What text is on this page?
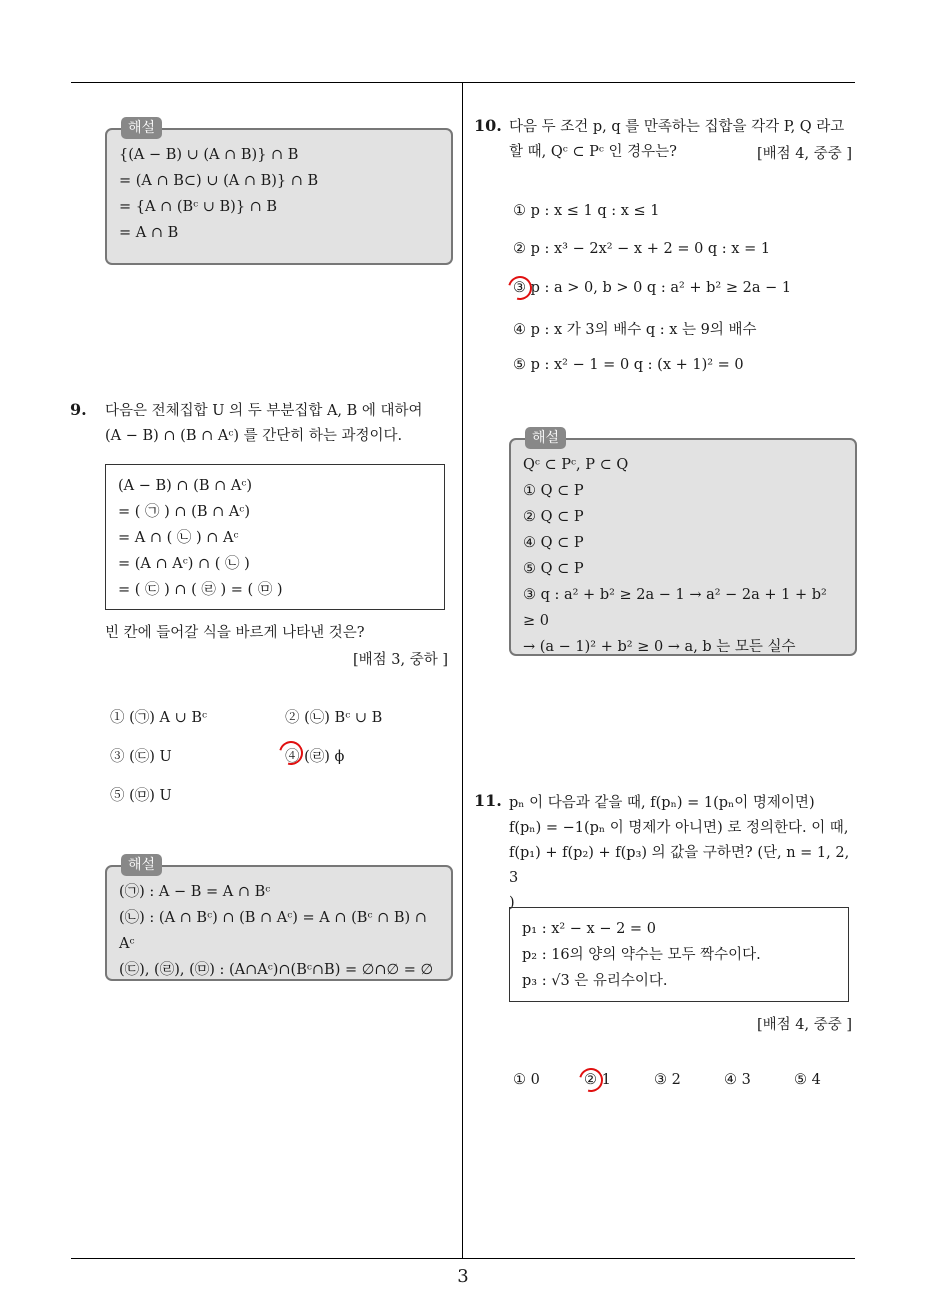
해설
{(A − B) ∪ (A ∩ B)} ∩ B
= (A ∩ B⊂) ∪ (A ∩ B)} ∩ B
= {A ∩ (Bᶜ ∪ B)} ∩ B
= A ∩ B
9. 다음은 전체집합 U 의 두 부분집합 A, B 에 대하여
(A − B) ∩ (B ∩ Aᶜ) 를 간단히 하는 과정이다.
(A − B) ∩ (B ∩ Aᶜ)
= ( ㉠ ) ∩ (B ∩ Aᶜ)
= A ∩ ( ㉡ ) ∩ Aᶜ
= (A ∩ Aᶜ) ∩ ( ㉡ )
= ( ㉢ ) ∩ ( ㉣ ) = ( ㉤ )
빈 칸에 들어갈 식을 바르게 나타낸 것은?
[배점 3, 중하 ]
① (㉠) A ∪ Bᶜ	② (㉡) Bᶜ ∪ B
③ (㉢) U	④ (㉣) ϕ
⑤ (㉤) U
해설
(㉠) : A − B = A ∩ Bᶜ
(㉡) : (A ∩ Bᶜ) ∩ (B ∩ Aᶜ) = A ∩ (Bᶜ ∩ B) ∩ Aᶜ
(㉢), (㉣), (㉤) : (A∩Aᶜ)∩(Bᶜ∩B) = ∅∩∅ = ∅
10. 다음 두 조건 p, q 를 만족하는 집합을 각각 P, Q 라고
할 때, Qᶜ ⊂ Pᶜ 인 경우는?	[배점 4, 중중 ]
① p : x ≤ 1 q : x ≤ 1
② p : x³ − 2x² − x + 2 = 0 q : x = 1
③ p : a > 0, b > 0 q : a² + b² ≥ 2a − 1
④ p : x 가 3의 배수 q : x 는 9의 배수
⑤ p : x² − 1 = 0 q : (x + 1)² = 0
해설
Qᶜ ⊂ Pᶜ, P ⊂ Q
① Q ⊂ P
② Q ⊂ P
④ Q ⊂ P
⑤ Q ⊂ P
③ q : a² + b² ≥ 2a − 1 → a² − 2a + 1 + b² ≥ 0
→ (a − 1)² + b² ≥ 0 → a, b 는 모든 실수
11. pₙ 이 다음과 같을 때, f(pₙ) = 1(pₙ이 명제이면)
f(pₙ) = −1(pₙ 이 명제가 아니면) 로 정의한다. 이 때,
f(p₁) + f(p₂) + f(p₃) 의 값을 구하면? (단, n = 1, 2, 3
)
p₁ : x² − x − 2 = 0
p₂ : 16의 양의 약수는 모두 짝수이다.
p₃ : √3 은 유리수이다.
[배점 4, 중중 ]
① 0	② 1	③ 2	④ 3	⑤ 4
3
